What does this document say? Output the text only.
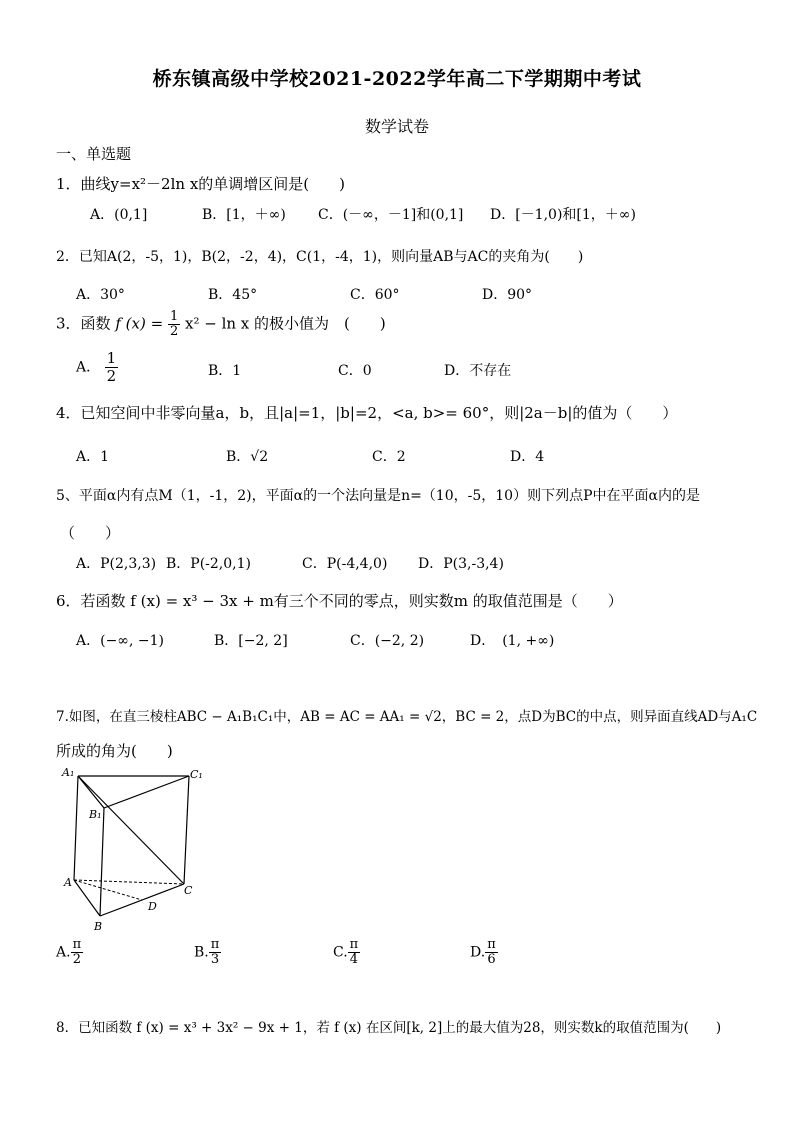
桥东镇高级中学校2021-2022学年高二下学期期中考试
数学试卷
一、单选题
1．曲线y=x²－2ln x的单调增区间是(　　)
A．(0,1]	B．[1，＋∞) C．(－∞，－1]和(0,1] D．[－1,0)和[1，＋∞)
2．已知A(2，-5，1)，B(2，-2，4)，C(1，-4，1)，则向量AB与AC的夹角为(　　)
A．30°	B．45°	C．60°	D．90°
3．函数 f $(x) = \frac{1}{2} x^2 - \ln x$ 的极小值为　(　　)
A． $\frac{1}{2}$	B．1	C．0	D．不存在
4．已知空间中非零向量a，b，且|a|=1，|b|=2，<a, b>= 60°，则|2a－b|的值为（　　）
A．1	B．√2	C．2	D．4
5、平面α内有点M（1，-1，2)，平面α的一个法向量是n=（10，-5，10）则下列点P中在平面α内的是
（　　）
A．P(2,3,3) B．P(-2,0,1)	C．P(-4,4,0) D．P(3,-3,4)
6．若函数 f (x) = x³ − 3x + m有三个不同的零点，则实数m 的取值范围是（　　）
A．(−∞, −1)	B．[−2, 2]	C．(−2, 2)	D．　(1, +∞)
7.如图，在直三棱柱ABC − A₁B₁C₁中，AB = AC = AA₁ = √2，BC = 2，点D为BC的中点，则异面直线AD与A₁C
所成的角为(　　)
A₁	C₁
B₁
A
C
D
B
A. $\frac{\pi}{2}$	B. $\frac{\pi}{3}$	C. $\frac{\pi}{4}$	D. $\frac{\pi}{6}$
8．已知函数 f (x) = x³ + 3x² − 9x + 1，若 f (x) 在区间[k, 2]上的最大值为28，则实数k的取值范围为(　　)
